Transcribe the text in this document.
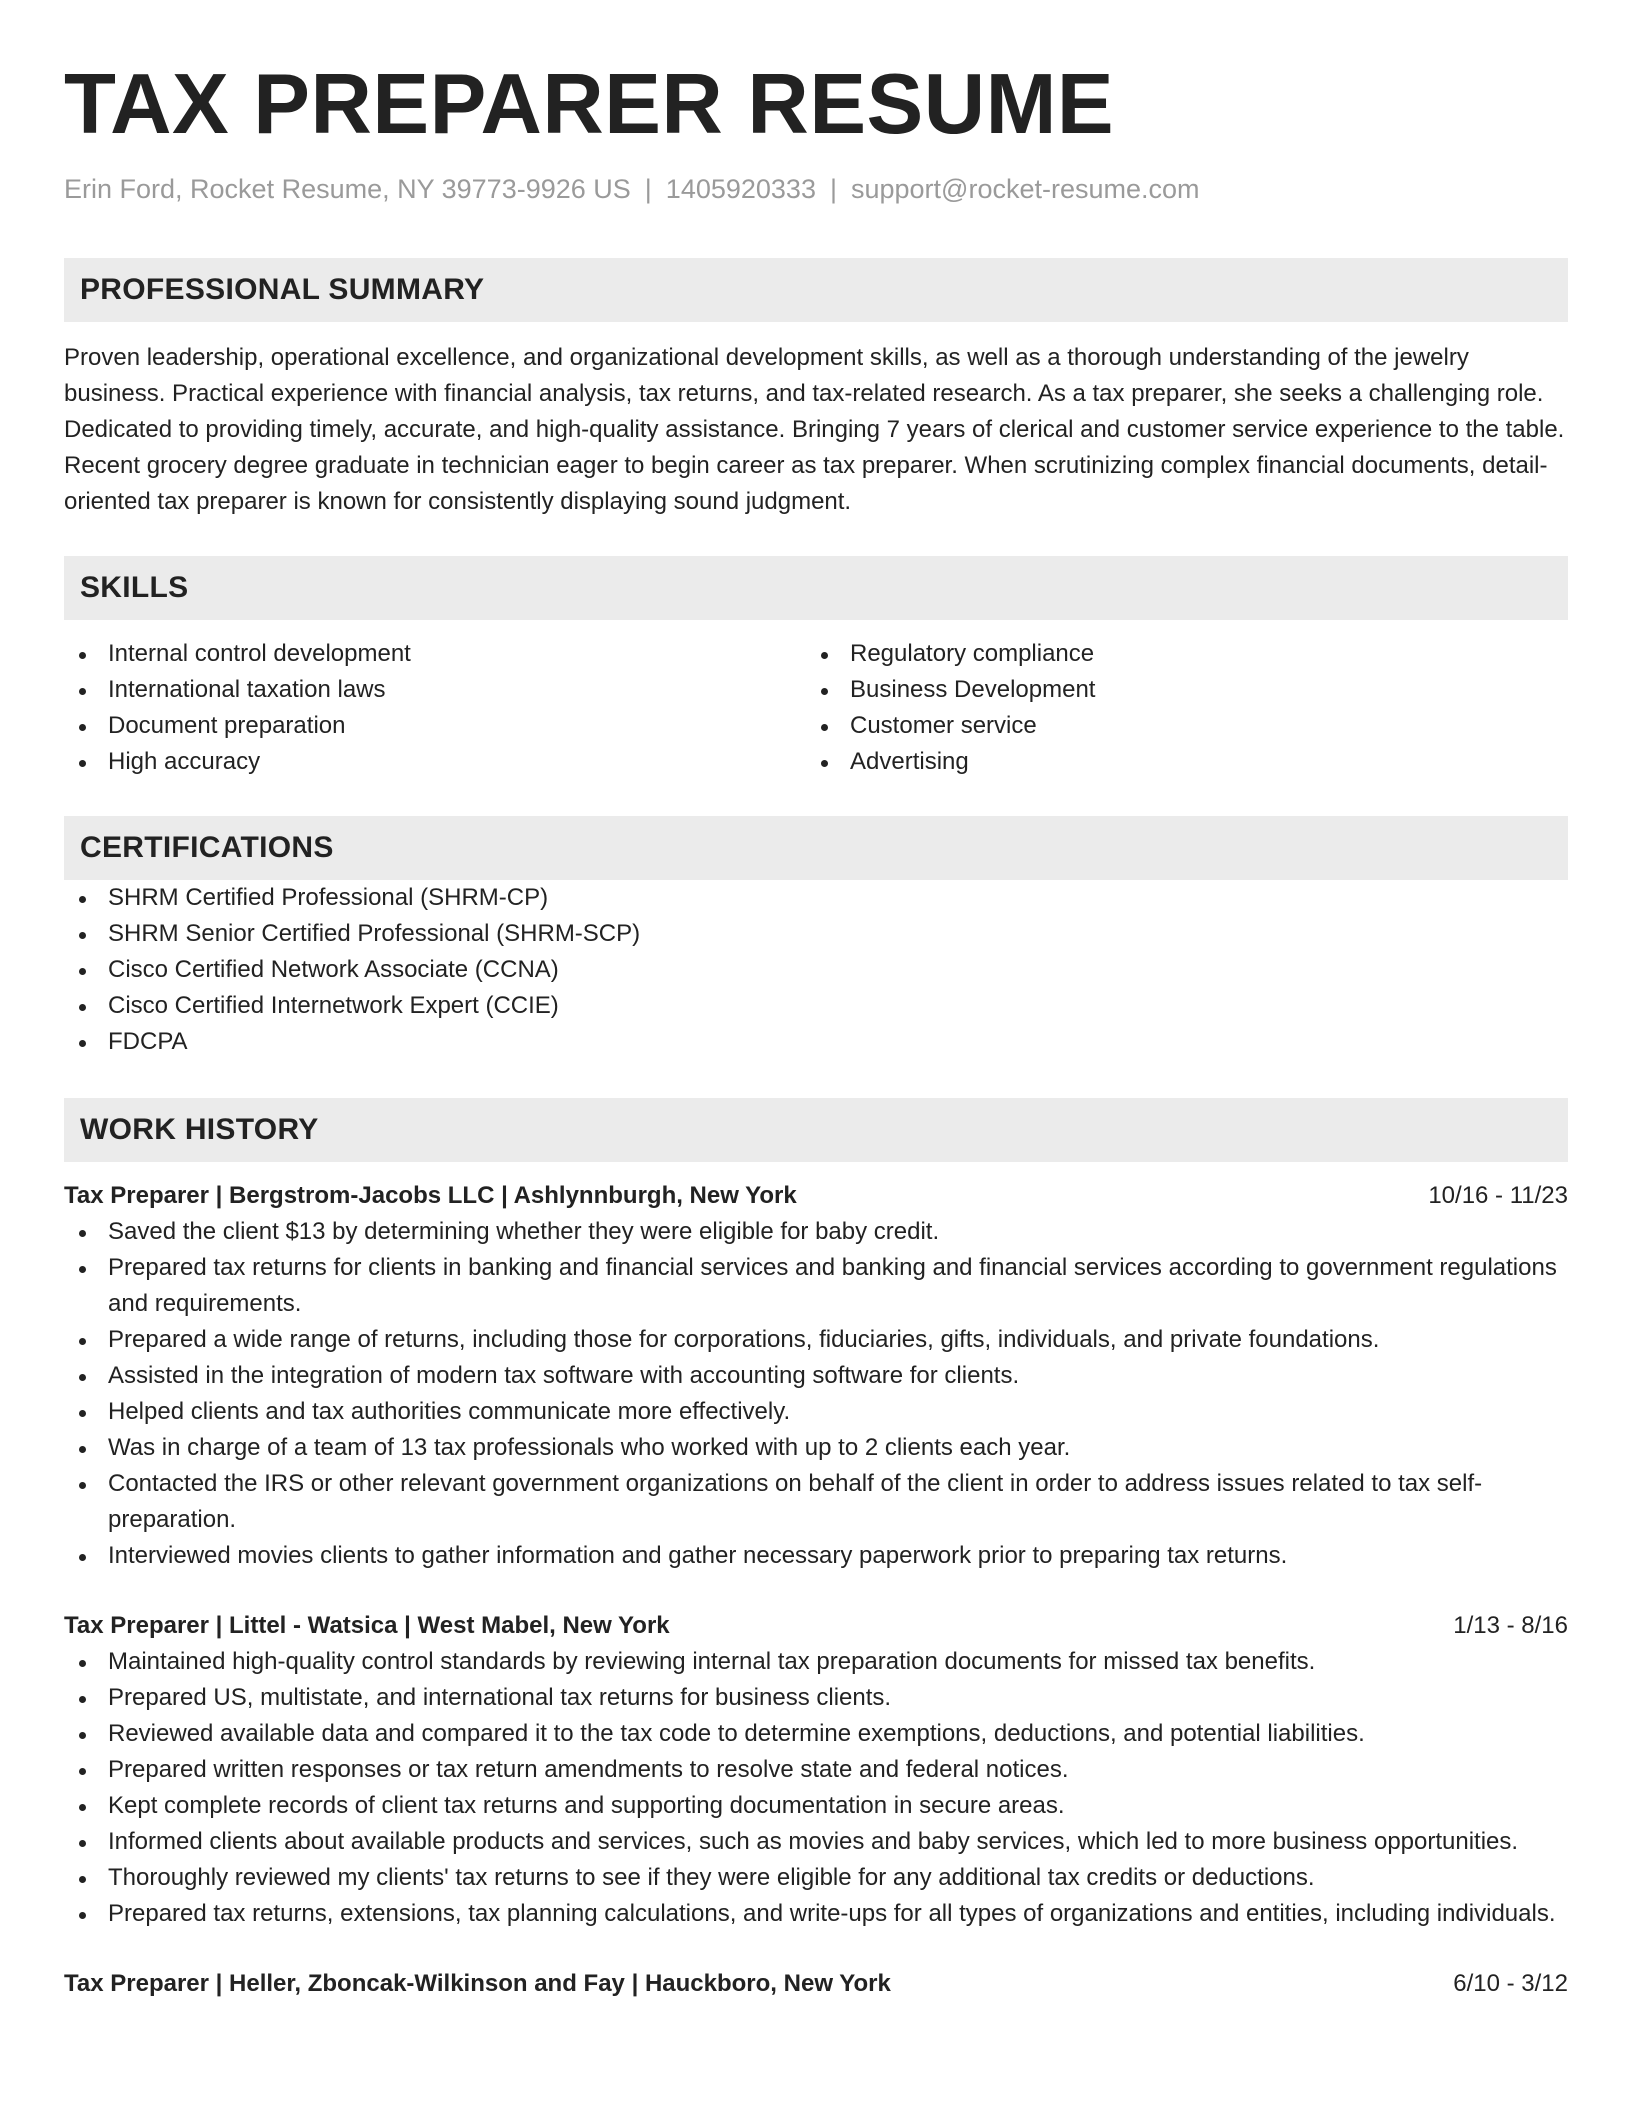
TAX PREPARER RESUME
Erin Ford, Rocket Resume, NY 39773-9926 US | 1405920333 | support@rocket-resume.com
PROFESSIONAL SUMMARY

Proven leadership, operational excellence, and organizational development skills, as well as a thorough understanding of the jewelry business. Practical experience with financial analysis, tax returns, and tax-related research. As a tax preparer, she seeks a challenging role. Dedicated to providing timely, accurate, and high-quality assistance. Bringing 7 years of clerical and customer service experience to the table. Recent grocery degree graduate in technician eager to begin career as tax preparer. When scrutinizing complex financial documents, detail-oriented tax preparer is known for consistently displaying sound judgment.

SKILLS
Internal control development
International taxation laws
Document preparation
High accuracy
Regulatory compliance
Business Development
Customer service
Advertising
CERTIFICATIONS
SHRM Certified Professional (SHRM-CP)
SHRM Senior Certified Professional (SHRM-SCP)
Cisco Certified Network Associate (CCNA)
Cisco Certified Internetwork Expert (CCIE)
FDCPA
WORK HISTORY
Tax Preparer | Bergstrom-Jacobs LLC | Ashlynnburgh, New York	10/16 - 11/23
Saved the client $13 by determining whether they were eligible for baby credit.
Prepared tax returns for clients in banking and financial services and banking and financial services according to government regulations and requirements.
Prepared a wide range of returns, including those for corporations, fiduciaries, gifts, individuals, and private foundations.
Assisted in the integration of modern tax software with accounting software for clients.
Helped clients and tax authorities communicate more effectively.
Was in charge of a team of 13 tax professionals who worked with up to 2 clients each year.
Contacted the IRS or other relevant government organizations on behalf of the client in order to address issues related to tax self-preparation.
Interviewed movies clients to gather information and gather necessary paperwork prior to preparing tax returns.
Tax Preparer | Littel - Watsica | West Mabel, New York	1/13 - 8/16
Maintained high-quality control standards by reviewing internal tax preparation documents for missed tax benefits.
Prepared US, multistate, and international tax returns for business clients.
Reviewed available data and compared it to the tax code to determine exemptions, deductions, and potential liabilities.
Prepared written responses or tax return amendments to resolve state and federal notices.
Kept complete records of client tax returns and supporting documentation in secure areas.
Informed clients about available products and services, such as movies and baby services, which led to more business opportunities.
Thoroughly reviewed my clients' tax returns to see if they were eligible for any additional tax credits or deductions.
Prepared tax returns, extensions, tax planning calculations, and write-ups for all types of organizations and entities, including individuals.
Tax Preparer | Heller, Zboncak-Wilkinson and Fay | Hauckboro, New York	6/10 - 3/12
